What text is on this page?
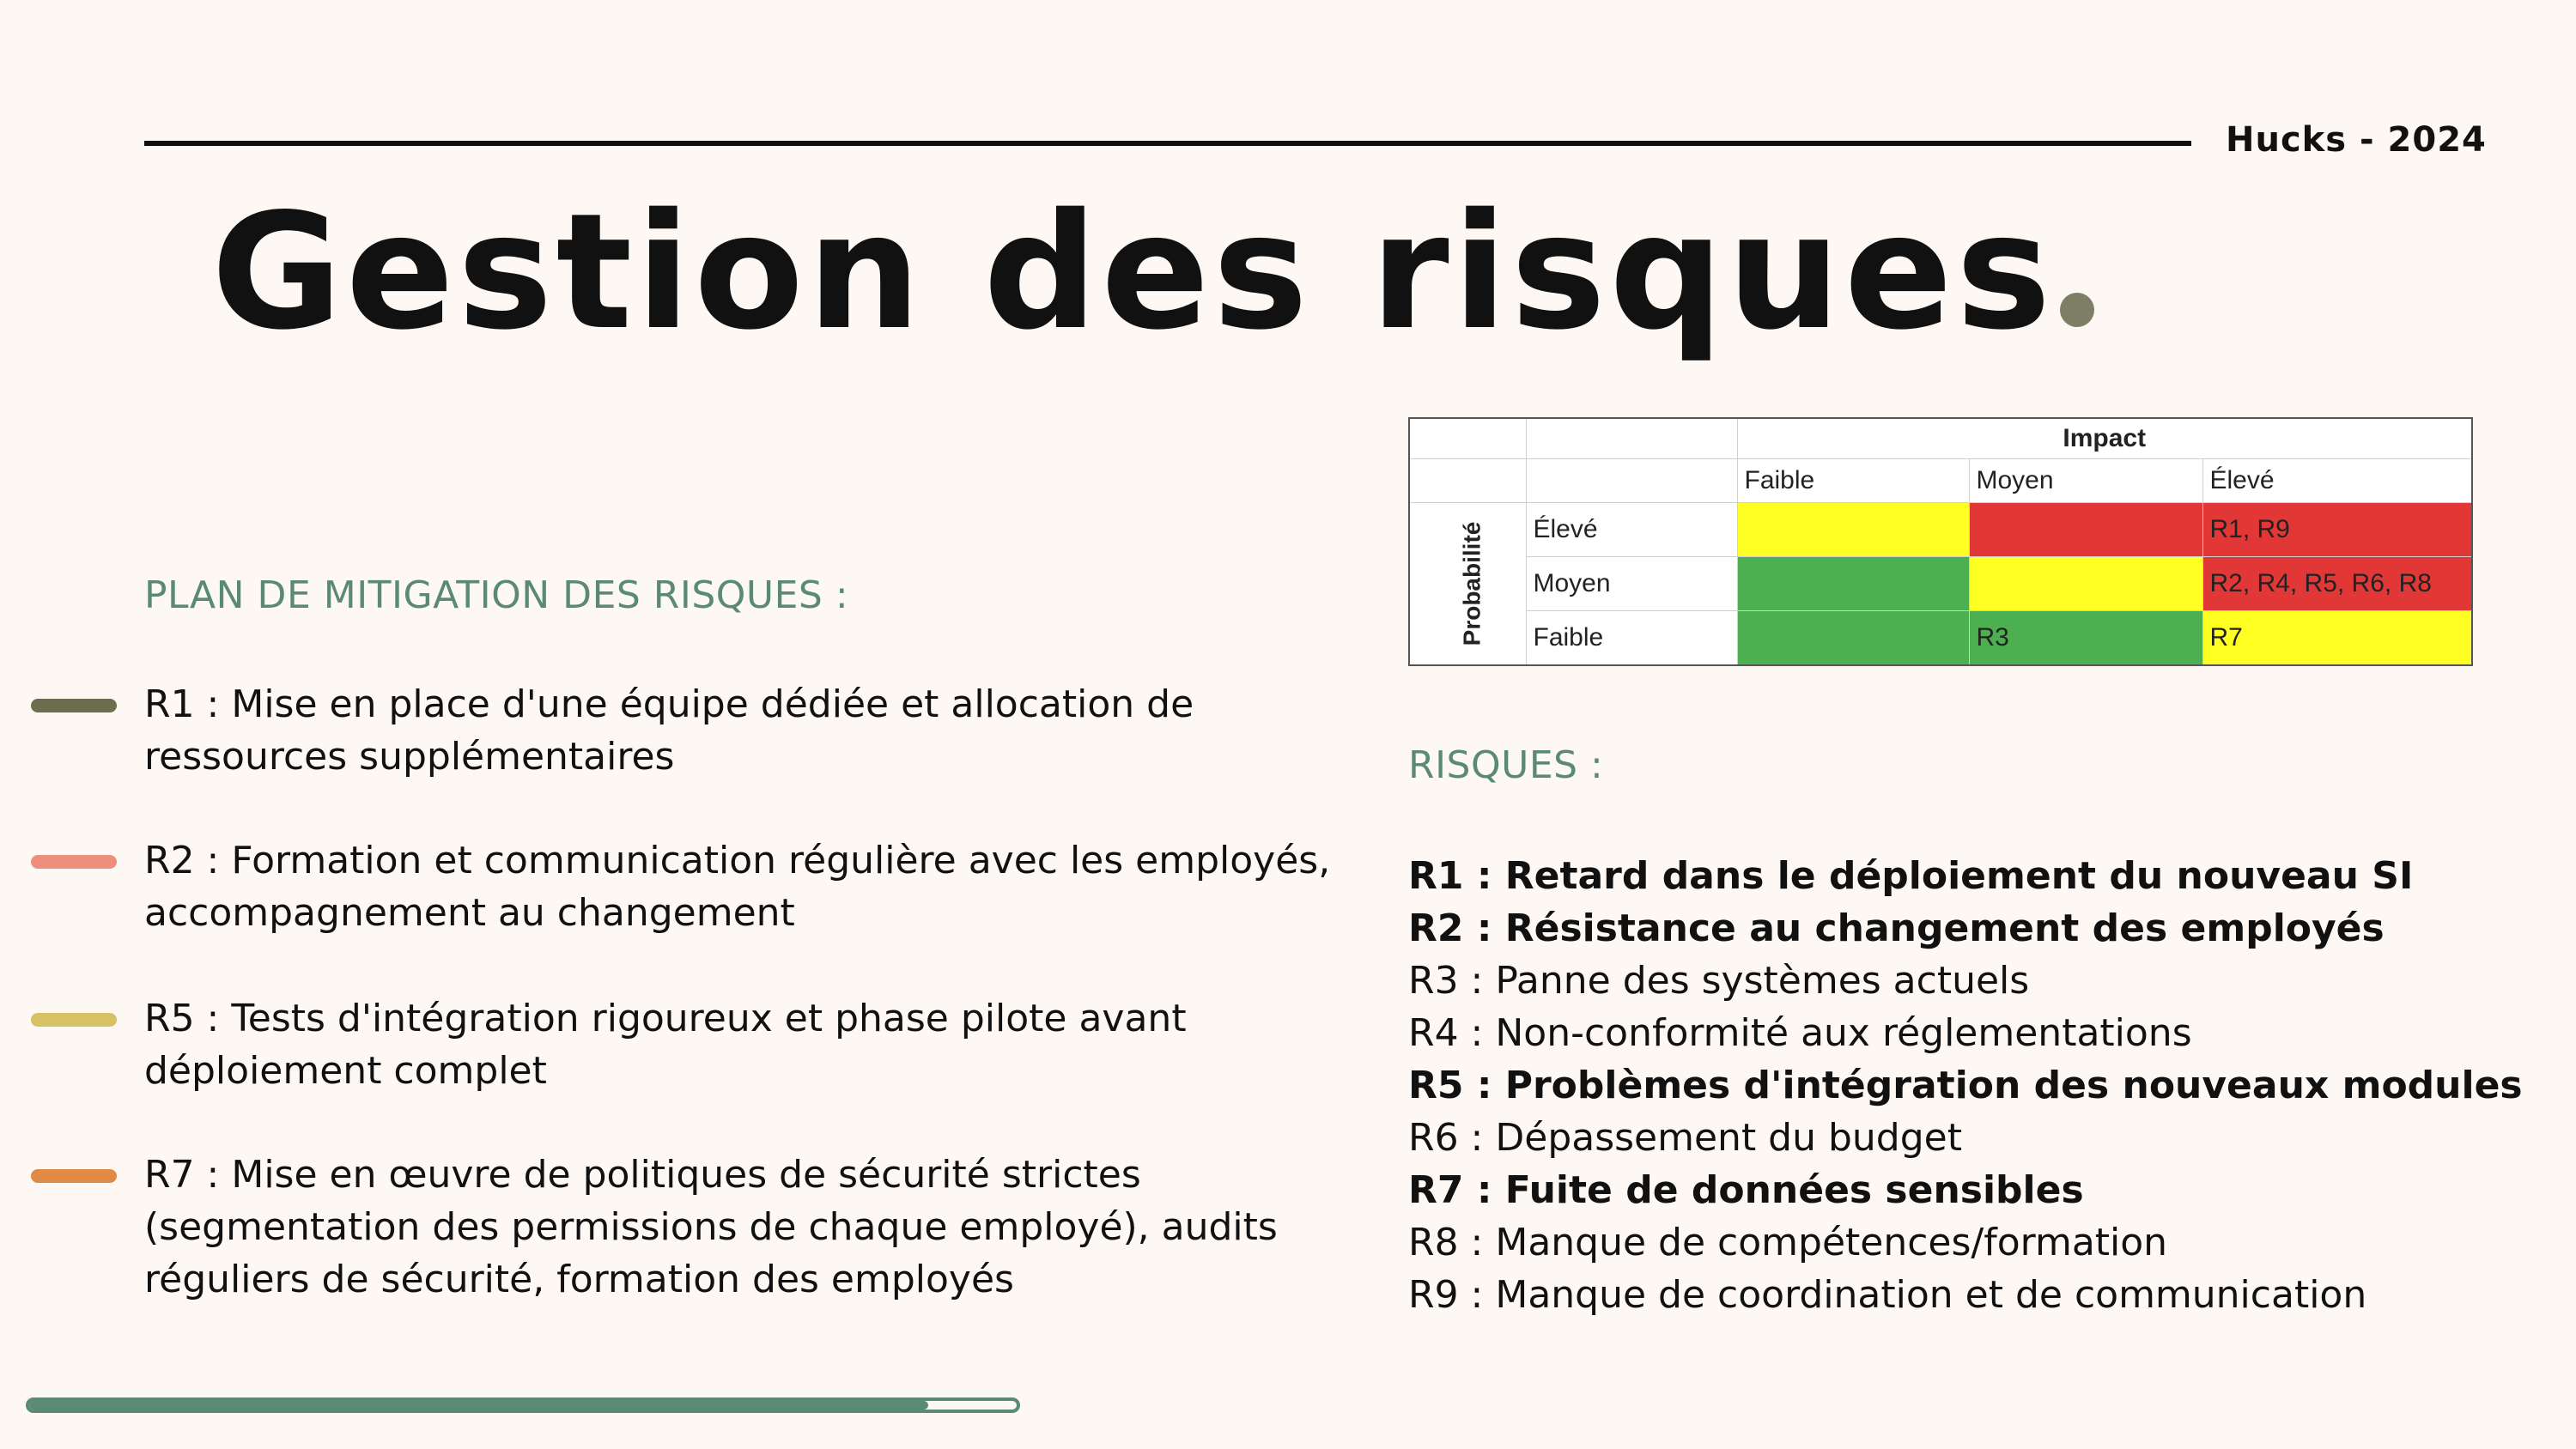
Hucks - 2024
Gestion des risques
PLAN DE MITIGATION DES RISQUES :
R1 : Mise en place d'une équipe dédiée et allocation de ressources supplémentaires
R2 : Formation et communication régulière avec les employés, accompagnement au changement
R5 : Tests d'intégration rigoureux et phase pilote avant déploiement complet
R7 : Mise en œuvre de politiques de sécurité strictes (segmentation des permissions de chaque employé), audits réguliers de sécurité, formation des employés
		Impact		
		Faible	Moyen	Élevé
Probabilité	Élevé			R1, R9
	Moyen			R2, R4, R5, R6, R8
	Faible		R3	R7
RISQUES :
R1 : Retard dans le déploiement du nouveau SI
R2 : Résistance au changement des employés
R3 : Panne des systèmes actuels
R4 : Non-conformité aux réglementations
R5 : Problèmes d'intégration des nouveaux modules
R6 : Dépassement du budget
R7 : Fuite de données sensibles
R8 : Manque de compétences/formation
R9 : Manque de coordination et de communication
